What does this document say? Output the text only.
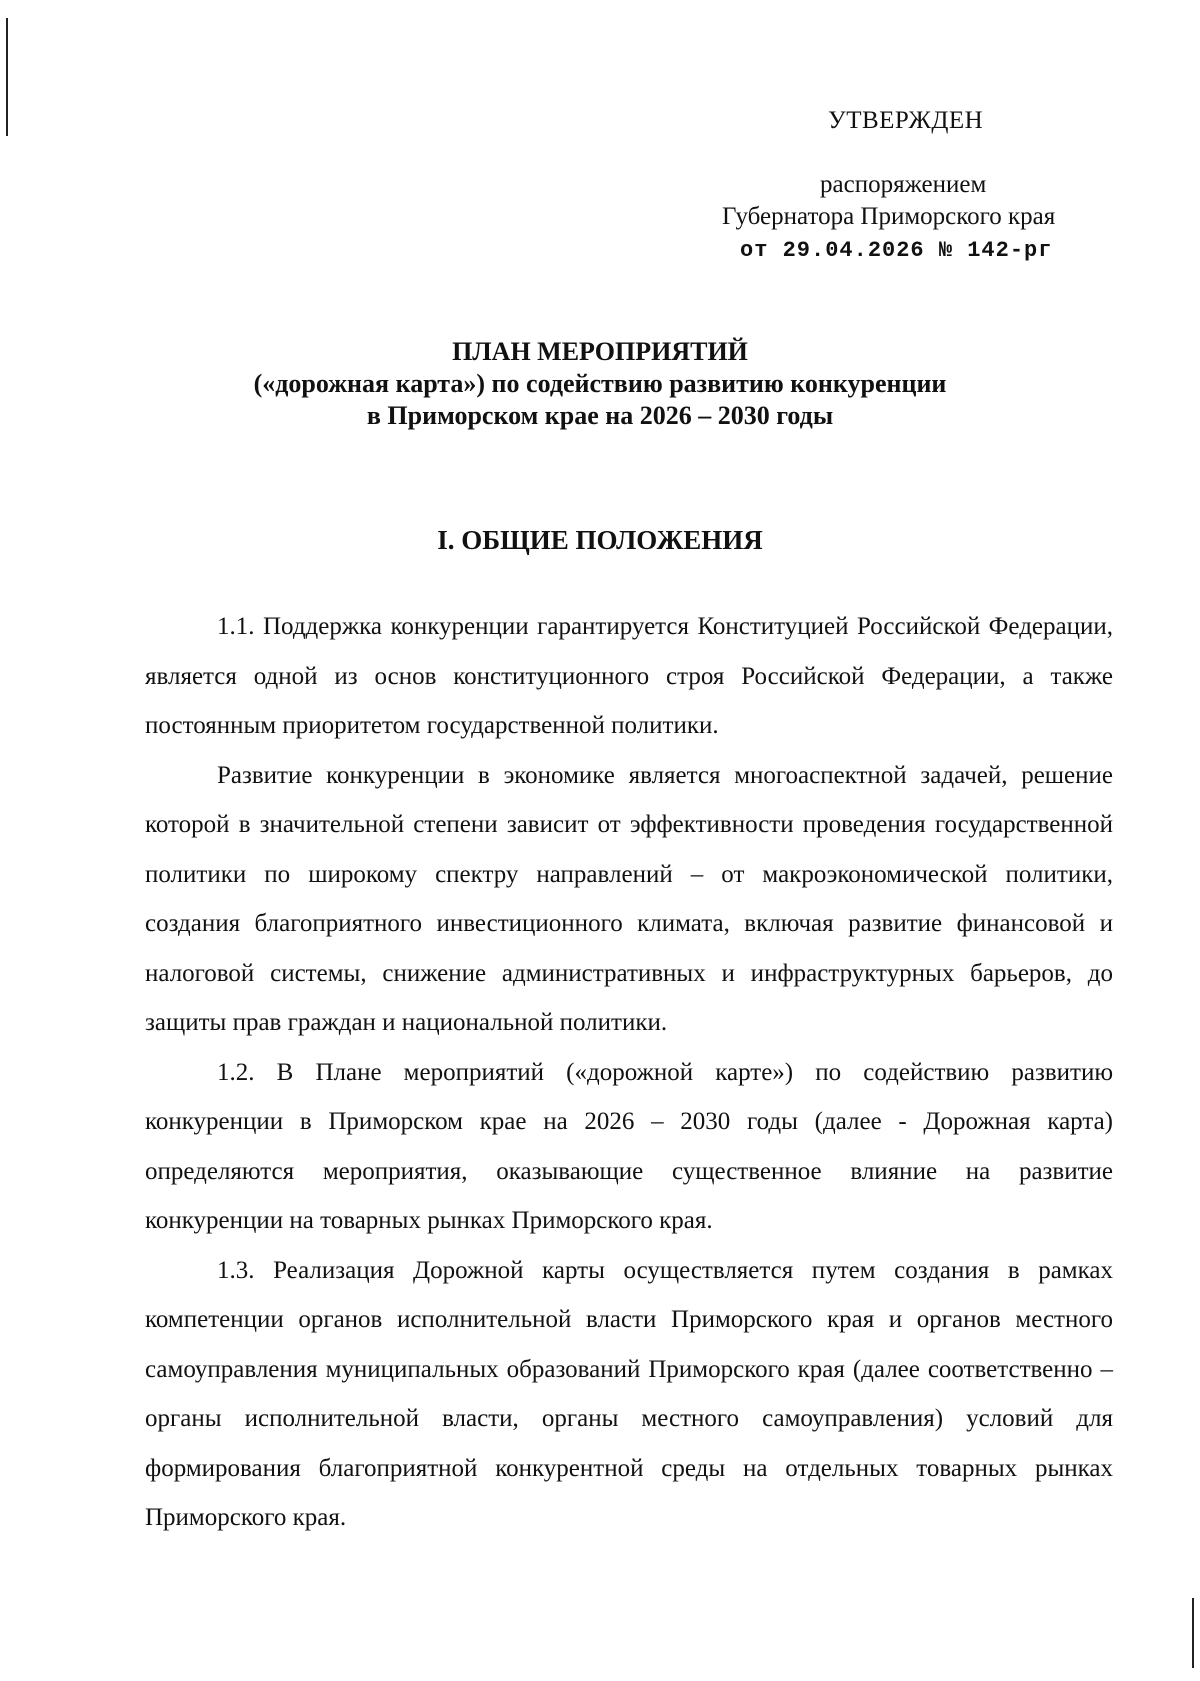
УТВЕРЖДЕН
распоряжением
Губернатора Приморского края
от 29.04.2026 № 142-рг
ПЛАН МЕРОПРИЯТИЙ
(«дорожная карта») по содействию развитию конкуренции
в Приморском крае на 2026 – 2030 годы
I. ОБЩИЕ ПОЛОЖЕНИЯ

1.1. Поддержка конкуренции гарантируется Конституцией Российской Федерации, является одной из основ конституционного строя Российской Федерации, а также постоянным приоритетом государственной политики.

Развитие конкуренции в экономике является многоаспектной задачей, решение которой в значительной степени зависит от эффективности проведения государственной политики по широкому спектру направлений – от макроэкономической политики, создания благоприятного инвестиционного климата, включая развитие финансовой и налоговой системы, снижение административных и инфраструктурных барьеров, до защиты прав граждан и национальной политики.

1.2. В Плане мероприятий («дорожной карте») по содействию развитию конкуренции в Приморском крае на 2026 – 2030 годы (далее - Дорожная карта) определяются мероприятия, оказывающие существенное влияние на развитие конкуренции на товарных рынках Приморского края.

1.3. Реализация Дорожной карты осуществляется путем создания в рамках компетенции органов исполнительной власти Приморского края и органов местного самоуправления муниципальных образований Приморского края (далее соответственно – органы исполнительной власти, органы местного самоуправления) условий для формирования благоприятной конкурентной среды на отдельных товарных рынках Приморского края.
